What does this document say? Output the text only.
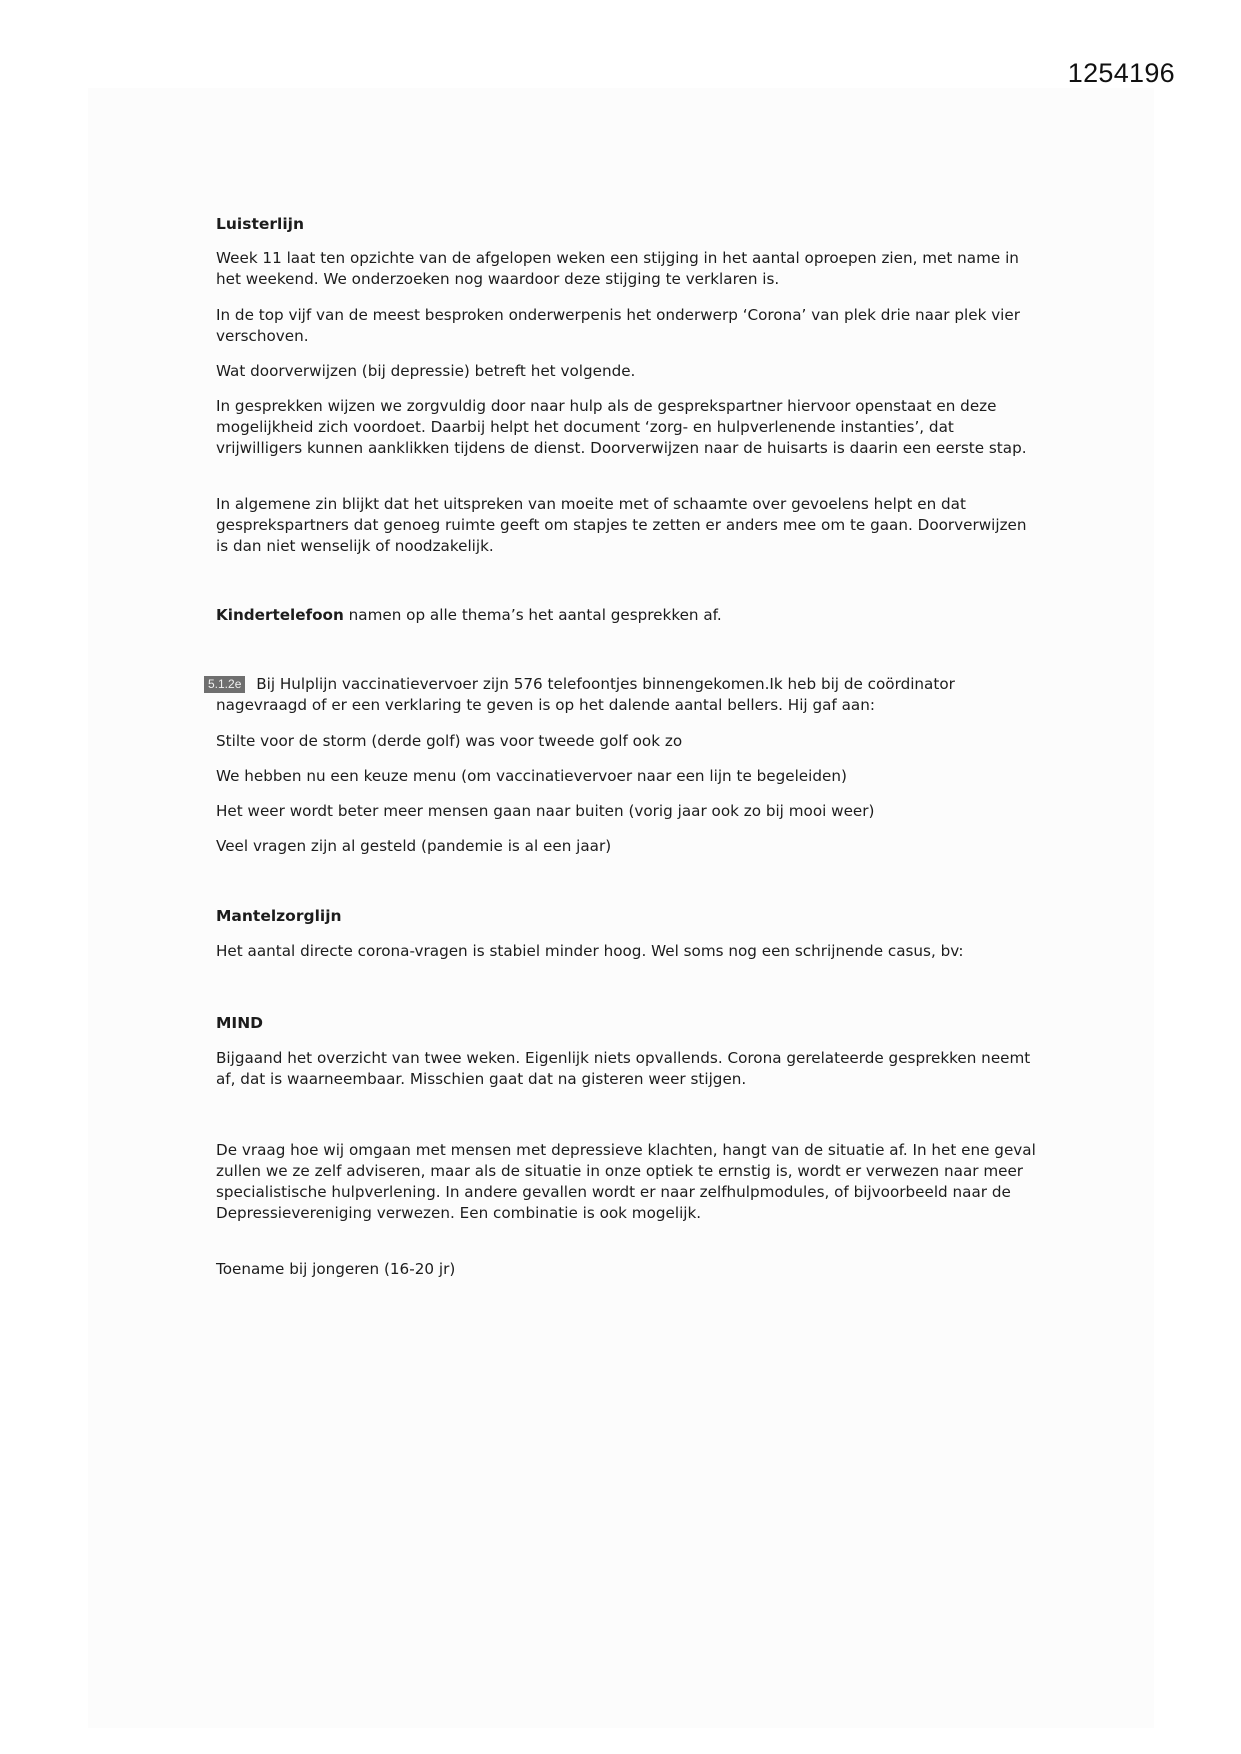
1254196

Luisterlijn

Week 11 laat ten opzichte van de afgelopen weken een stijging in het aantal oproepen zien, met name in het weekend. We onderzoeken nog waardoor deze stijging te verklaren is.

In de top vijf van de meest besproken onderwerpenis het onderwerp ‘Corona’ van plek drie naar plek vier verschoven.

Wat doorverwijzen (bij depressie) betreft het volgende.

In gesprekken wijzen we zorgvuldig door naar hulp als de gesprekspartner hiervoor openstaat en deze mogelijkheid zich voordoet. Daarbij helpt het document ‘zorg- en hulpverlenende instanties’, dat vrijwilligers kunnen aanklikken tijdens de dienst. Doorverwijzen naar de huisarts is daarin een eerste stap.

In algemene zin blijkt dat het uitspreken van moeite met of schaamte over gevoelens helpt en dat gesprekspartners dat genoeg ruimte geeft om stapjes te zetten er anders mee om te gaan. Doorverwijzen is dan niet wenselijk of noodzakelijk.

Kindertelefoon namen op alle thema’s het aantal gesprekken af.

5.1.2e Bij Hulplijn vaccinatievervoer zijn 576 telefoontjes binnengekomen.Ik heb bij de coördinator nagevraagd of er een verklaring te geven is op het dalende aantal bellers. Hij gaf aan:

Stilte voor de storm (derde golf) was voor tweede golf ook zo

We hebben nu een keuze menu (om vaccinatievervoer naar een lijn te begeleiden)

Het weer wordt beter meer mensen gaan naar buiten (vorig jaar ook zo bij mooi weer)

Veel vragen zijn al gesteld (pandemie is al een jaar)

Mantelzorglijn

Het aantal directe corona-vragen is stabiel minder hoog. Wel soms nog een schrijnende casus, bv:

MIND

Bijgaand het overzicht van twee weken. Eigenlijk niets opvallends. Corona gerelateerde gesprekken neemt af, dat is waarneembaar. Misschien gaat dat na gisteren weer stijgen.

De vraag hoe wij omgaan met mensen met depressieve klachten, hangt van de situatie af. In het ene geval zullen we ze zelf adviseren, maar als de situatie in onze optiek te ernstig is, wordt er verwezen naar meer specialistische hulpverlening. In andere gevallen wordt er naar zelfhulpmodules, of bijvoorbeeld naar de Depressievereniging verwezen. Een combinatie is ook mogelijk.

Toename bij jongeren (16-20 jr)
